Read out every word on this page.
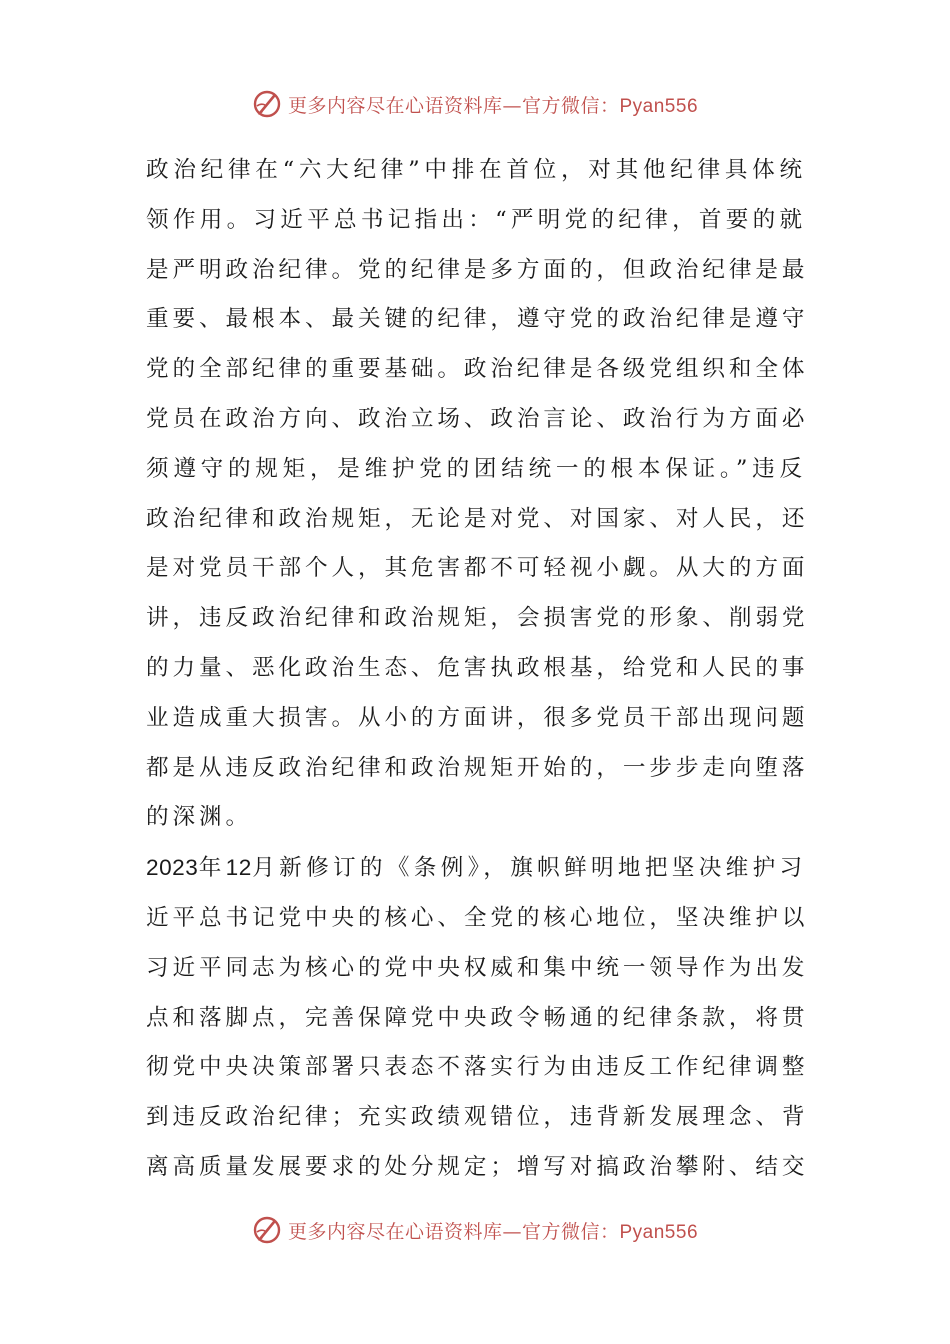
更多内容尽在心语资料库—官方微信：Pyan556
政治纪律在“六大纪律”中排在首位，对其他纪律具体统
领作用。习近平总书记指出：“严明党的纪律，首要的就
是严明政治纪律。党的纪律是多方面的，但政治纪律是最
重要、最根本、最关键的纪律，遵守党的政治纪律是遵守
党的全部纪律的重要基础。政治纪律是各级党组织和全体
党员在政治方向、政治立场、政治言论、政治行为方面必
须遵守的规矩，是维护党的团结统一的根本保证。”违反
政治纪律和政治规矩，无论是对党、对国家、对人民，还
是对党员干部个人，其危害都不可轻视小觑。从大的方面
讲，违反政治纪律和政治规矩，会损害党的形象、削弱党
的力量、恶化政治生态、危害执政根基，给党和人民的事
业造成重大损害。从小的方面讲，很多党员干部出现问题
都是从违反政治纪律和政治规矩开始的，一步步走向堕落
的深渊。
2023年12月新修订的《条例》，旗帜鲜明地把坚决维护习
近平总书记党中央的核心、全党的核心地位，坚决维护以
习近平同志为核心的党中央权威和集中统一领导作为出发
点和落脚点，完善保障党中央政令畅通的纪律条款，将贯
彻党中央决策部署只表态不落实行为由违反工作纪律调整
到违反政治纪律；充实政绩观错位，违背新发展理念、背
离高质量发展要求的处分规定；增写对搞政治攀附、结交
更多内容尽在心语资料库—官方微信：Pyan556
